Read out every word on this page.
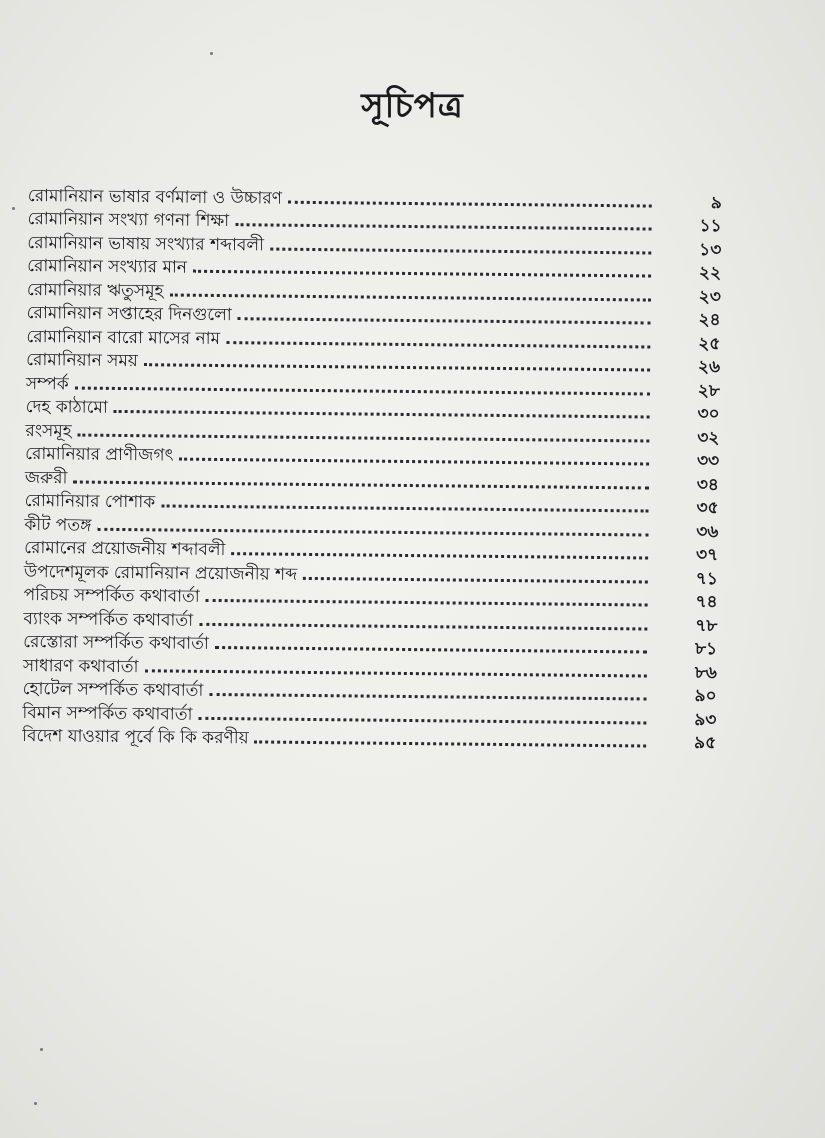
সূচিপত্র
রোমানিয়ান ভাষার বর্ণমালা ও উচ্চারণ	৯
রোমানিয়ান সংখ্যা গণনা শিক্ষা	১১
রোমানিয়ান ভাষায় সংখ্যার শব্দাবলী	১৩
রোমানিয়ান সংখ্যার মান	২২
রোমানিয়ার ঋতুসমূহ	২৩
রোমানিয়ান সপ্তাহের দিনগুলো	২৪
রোমানিয়ান বারো মাসের নাম	২৫
রোমানিয়ান সময়	২৬
সম্পর্ক	২৮
দেহ কাঠামো	৩০
রংসমূহ	৩২
রোমানিয়ার প্রাণীজগৎ	৩৩
জরুরী	৩৪
রোমানিয়ার পোশাক	৩৫
কীট পতঙ্গ	৩৬
রোমানের প্রয়োজনীয় শব্দাবলী	৩৭
উপদেশমূলক রোমানিয়ান প্রয়োজনীয় শব্দ	৭১
পরিচয় সম্পর্কিত কথাবার্তা	৭৪
ব্যাংক সম্পর্কিত কথাবার্তা	৭৮
রেস্তোরা সম্পর্কিত কথাবার্তা	৮১
সাধারণ কথাবার্তা	৮৬
হোটেল সম্পর্কিত কথাবার্তা	৯০
বিমান সম্পর্কিত কথাবার্তা	৯৩
বিদেশ যাওয়ার পূর্বে কি কি করণীয়	৯৫
